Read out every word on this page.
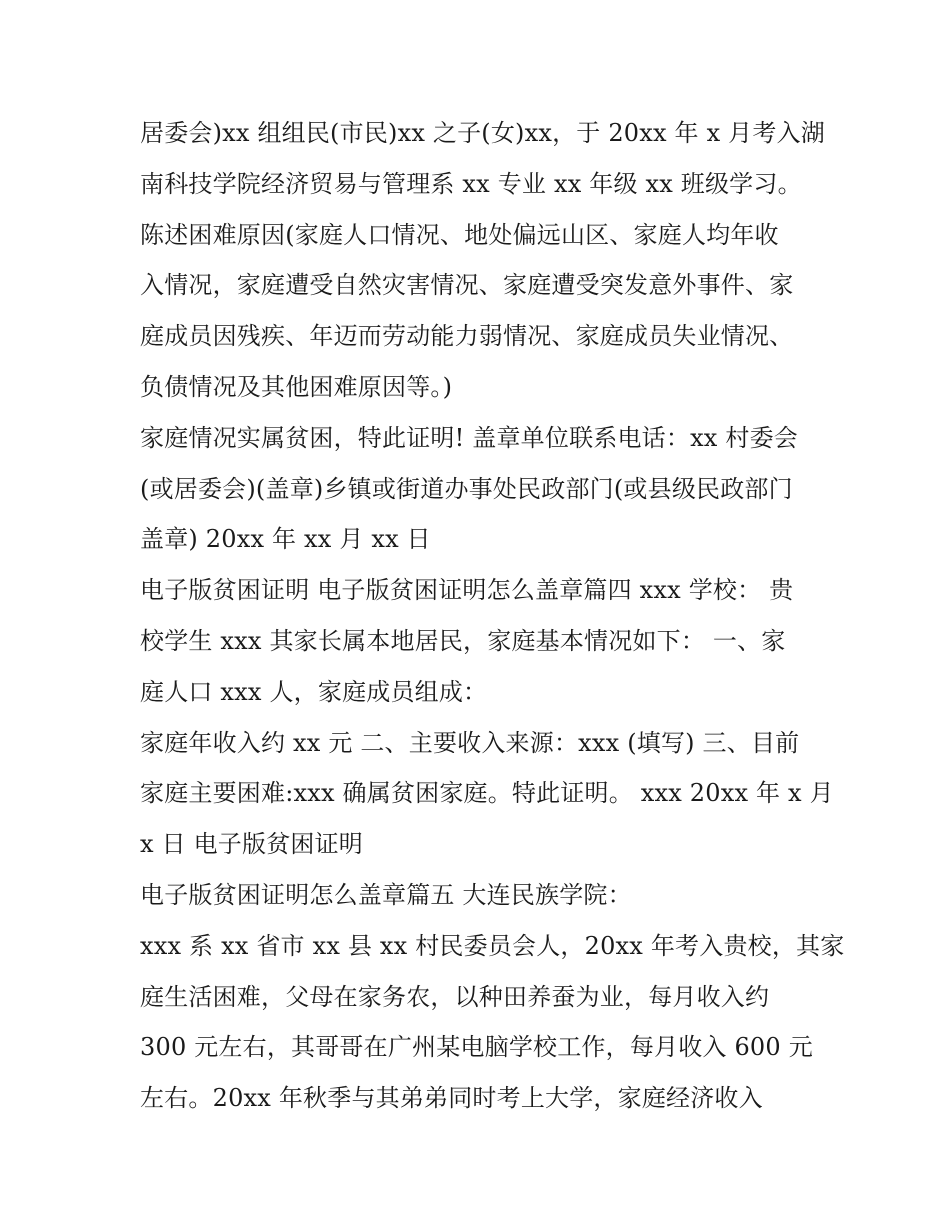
居委会)xx 组组民(市民)xx 之子(女)xx，于 20xx 年 x 月考入湖
南科技学院经济贸易与管理系 xx 专业 xx 年级 xx 班级学习。
陈述困难原因(家庭人口情况、地处偏远山区、家庭人均年收
入情况，家庭遭受自然灾害情况、家庭遭受突发意外事件、家
庭成员因残疾、年迈而劳动能力弱情况、家庭成员失业情况、
负债情况及其他困难原因等。)
家庭情况实属贫困，特此证明! 盖章单位联系电话：xx 村委会
(或居委会)(盖章)乡镇或街道办事处民政部门(或县级民政部门
盖章) 20xx 年 xx 月 xx 日
电子版贫困证明 电子版贫困证明怎么盖章篇四 xxx 学校： 贵
校学生 xxx 其家长属本地居民，家庭基本情况如下： 一、家
庭人口 xxx 人，家庭成员组成：
家庭年收入约 xx 元 二、主要收入来源：xxx (填写) 三、目前
家庭主要困难:xxx 确属贫困家庭。特此证明。 xxx 20xx 年 x 月
x 日 电子版贫困证明
电子版贫困证明怎么盖章篇五 大连民族学院：
xxx 系 xx 省市 xx 县 xx 村民委员会人，20xx 年考入贵校，其家
庭生活困难，父母在家务农，以种田养蚕为业，每月收入约
300 元左右，其哥哥在广州某电脑学校工作，每月收入 600 元
左右。20xx 年秋季与其弟弟同时考上大学，家庭经济收入
